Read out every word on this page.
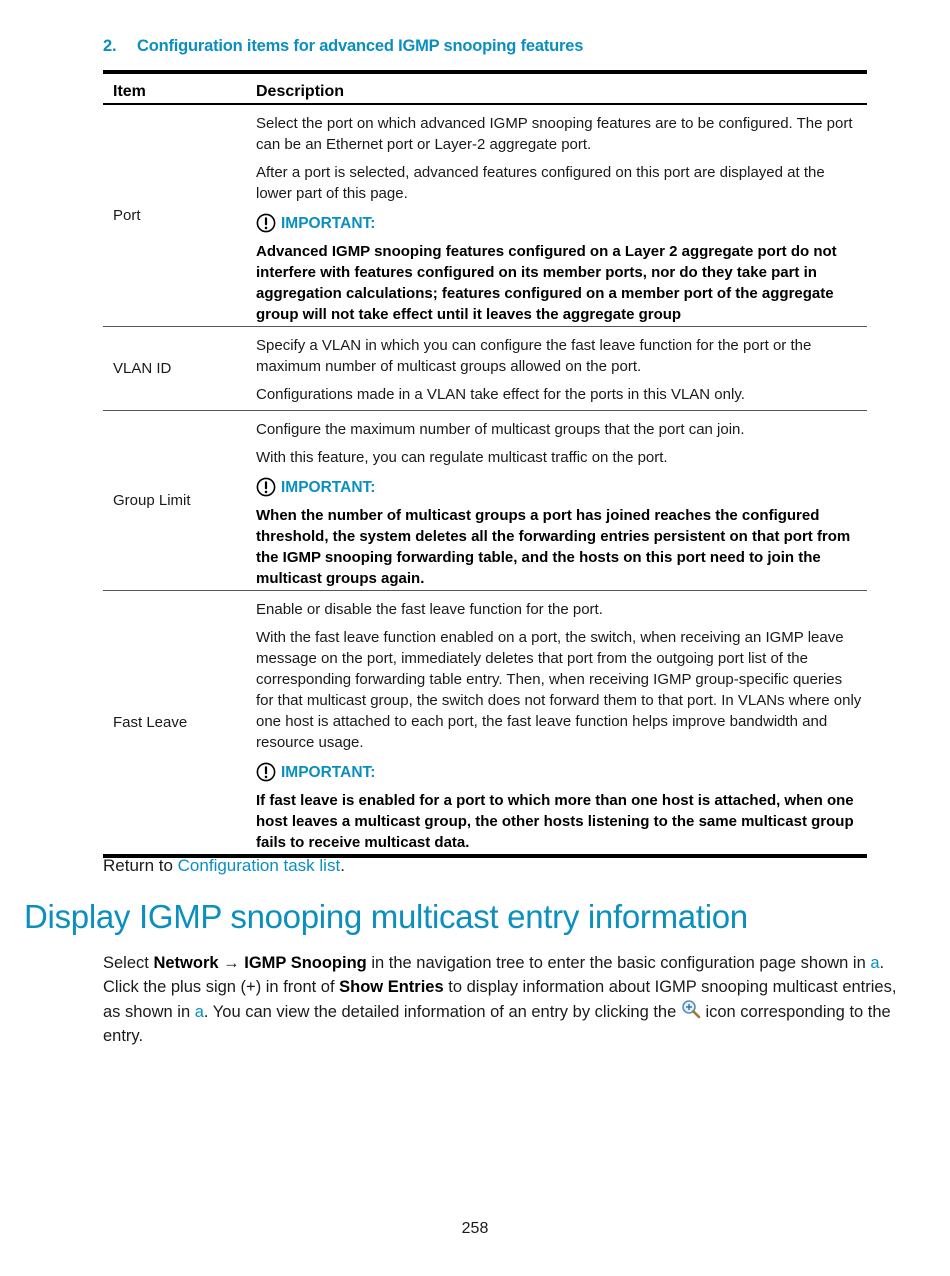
2. Configuration items for advanced IGMP snooping features
Item	Description
Port	Select the port on which advanced IGMP snooping features are to be configured. The port can be an Ethernet port or Layer-2 aggregate port.

After a port is selected, advanced features configured on this port are displayed at the lower part of this page.

IMPORTANT:

Advanced IGMP snooping features configured on a Layer 2 aggregate port do not interfere with features configured on its member ports, nor do they take part in aggregation calculations; features configured on a member port of the aggregate group will not take effect until it leaves the aggregate group

VLAN ID	Specify a VLAN in which you can configure the fast leave function for the port or the maximum number of multicast groups allowed on the port.

Configurations made in a VLAN take effect for the ports in this VLAN only.

Group Limit	Configure the maximum number of multicast groups that the port can join.

With this feature, you can regulate multicast traffic on the port.

IMPORTANT:

When the number of multicast groups a port has joined reaches the configured threshold, the system deletes all the forwarding entries persistent on that port from the IGMP snooping forwarding table, and the hosts on this port need to join the multicast groups again.

Fast Leave	Enable or disable the fast leave function for the port.

With the fast leave function enabled on a port, the switch, when receiving an IGMP leave message on the port, immediately deletes that port from the outgoing port list of the corresponding forwarding table entry. Then, when receiving IGMP group-specific queries for that multicast group, the switch does not forward them to that port. In VLANs where only one host is attached to each port, the fast leave function helps improve bandwidth and resource usage.

IMPORTANT:

If fast leave is enabled for a port to which more than one host is attached, when one host leaves a multicast group, the other hosts listening to the same multicast group fails to receive multicast data.

Return to Configuration task list.
Display IGMP snooping multicast entry information

Select Network → IGMP Snooping in the navigation tree to enter the basic configuration page shown in a. Click the plus sign (+) in front of Show Entries to display information about IGMP snooping multicast entries, as shown in a. You can view the detailed information of an entry by clicking the  icon corresponding to the entry.

258
